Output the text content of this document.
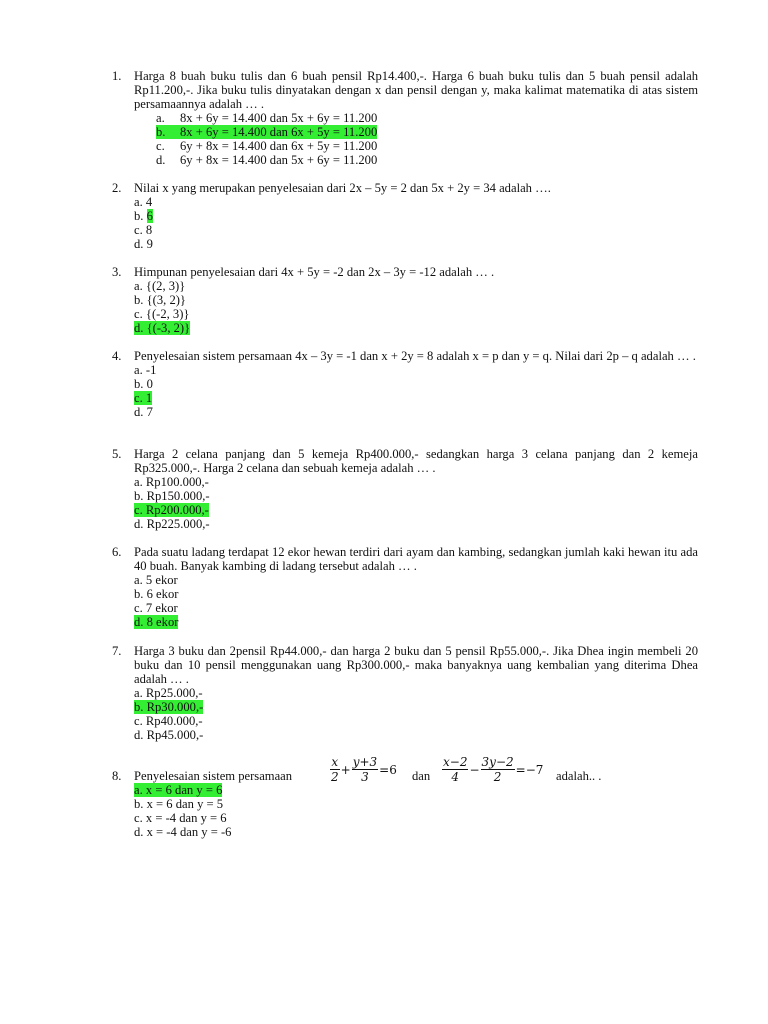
1. Harga 8 buah buku tulis dan 6 buah pensil Rp14.400,-. Harga 6 buah buku tulis dan 5 buah pensil adalah Rp11.200,-. Jika buku tulis dinyatakan dengan x dan pensil dengan y, maka kalimat matematika di atas sistem persamaannya adalah … .
a. 8x + 6y = 14.400 dan 5x + 6y = 11.200
b. 8x + 6y = 14.400 dan 6x + 5y = 11.200
c. 6y + 8x = 14.400 dan 6x + 5y = 11.200
d. 6y + 8x = 14.400 dan 5x + 6y = 11.200
2. Nilai x yang merupakan penyelesaian dari 2x – 5y = 2 dan 5x + 2y = 34 adalah ….
a. 4
b. 6
c. 8
d. 9
3. Himpunan penyelesaian dari 4x + 5y = -2 dan 2x – 3y = -12 adalah … .
a. {(2, 3)}
b. {(3, 2)}
c. {(-2, 3)}
d. {(-3, 2)}
4. Penyelesaian sistem persamaan 4x – 3y = -1 dan x + 2y = 8 adalah x = p dan y = q. Nilai dari 2p – q adalah … .
a. -1
b. 0
c. 1
d. 7
5. Harga 2 celana panjang dan 5 kemeja Rp400.000,- sedangkan harga 3 celana panjang dan 2 kemeja Rp325.000,-. Harga 2 celana dan sebuah kemeja adalah … .
a. Rp100.000,-
b. Rp150.000,-
c. Rp200.000,-
d. Rp225.000,-
6. Pada suatu ladang terdapat 12 ekor hewan terdiri dari ayam dan kambing, sedangkan jumlah kaki hewan itu ada 40 buah. Banyak kambing di ladang tersebut adalah … .
a. 5 ekor
b. 6 ekor
c. 7 ekor
d. 8 ekor
7. Harga 3 buku dan 2pensil Rp44.000,- dan harga 2 buku dan 5 pensil Rp55.000,-. Jika Dhea ingin membeli 20 buku dan 10 pensil menggunakan uang Rp300.000,- maka banyaknya uang kembalian yang diterima Dhea adalah … .
a. Rp25.000,-
b. Rp30.000,-
c. Rp40.000,-
d. Rp45.000,-
8. Penyelesaian sistem persamaan	$\frac{x}{2} + \frac{y+3}{3} =6$ dan $\frac{x-2}{4} - \frac{3y-2}{2} =-7$ adalah.. .
a. x = 6 dan y = 6
b. x = 6 dan y = 5
c. x = -4 dan y = 6
d. x = -4 dan y = -6
